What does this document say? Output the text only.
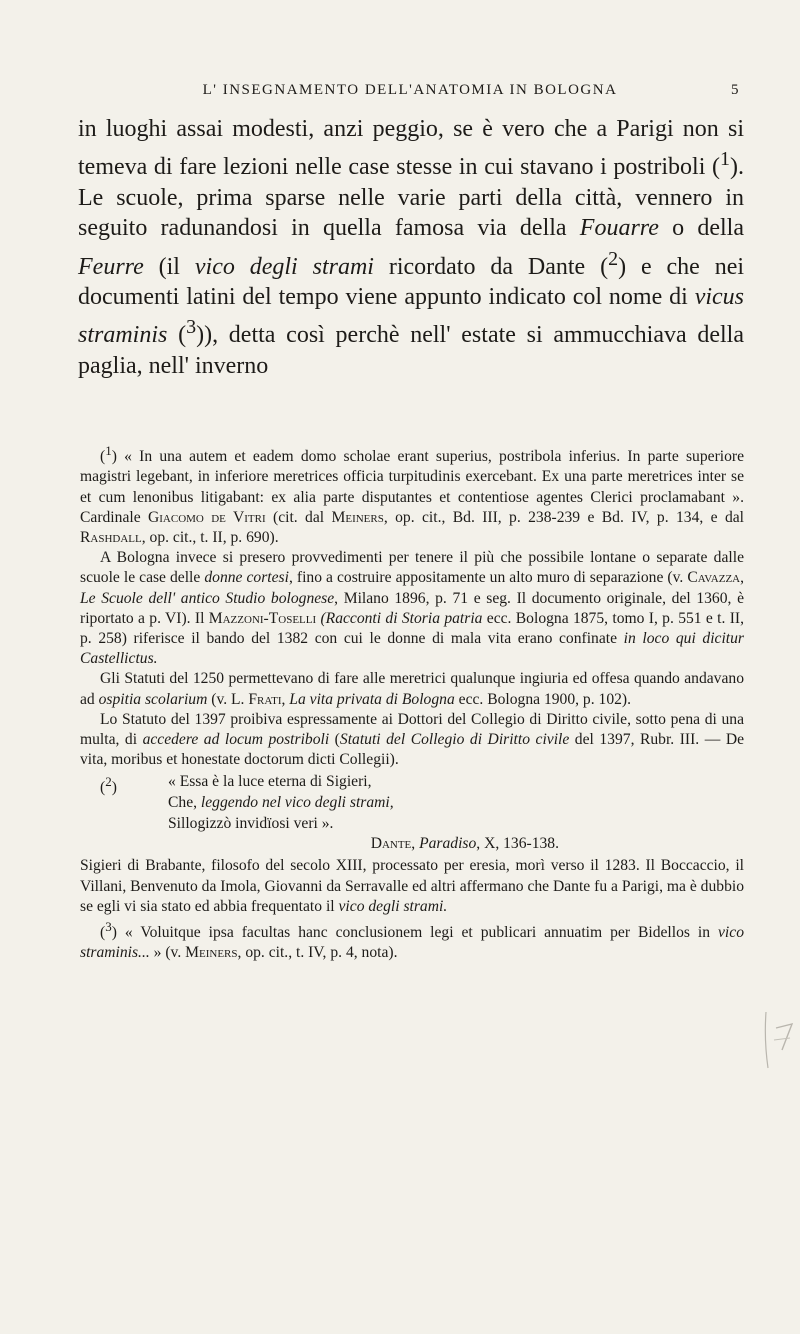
L' INSEGNAMENTO DELL'ANATOMIA IN BOLOGNA	5

in luoghi assai modesti, anzi peggio, se è vero che a Parigi non si temeva di fare lezioni nelle case stesse in cui stavano i postriboli ($^1$). Le scuole, prima sparse nelle varie parti della città, vennero in seguito radunandosi in quella famosa via della Fouarre o della Feurre (il vico degli strami ricordato da Dante ($^2$) e che nei documenti latini del tempo viene appunto indicato col nome di vicus straminis ($^3$)), detta così perchè nell' estate si ammucchiava della paglia, nell' inverno

($^1$) « In una autem et eadem domo scholae erant superius, postribola inferius. In parte superiore magistri legebant, in inferiore meretrices officia turpitudinis exercebant. Ex una parte meretrices inter se et cum lenonibus litigabant: ex alia parte disputantes et contentiose agentes Clerici proclamabant ». Cardinale Giacomo de Vitri (cit. dal Meiners, op. cit., Bd. III, p. 238-239 e Bd. IV, p. 134, e dal Rashdall, op. cit., t. II, p. 690).

A Bologna invece si presero provvedimenti per tenere il più che possibile lontane o separate dalle scuole le case delle donne cortesi, fino a costruire appositamente un alto muro di separazione (v. Cavazza, Le Scuole dell' antico Studio bolognese, Milano 1896, p. 71 e seg. Il documento originale, del 1360, è riportato a p. VI). Il Mazzoni-Toselli (Racconti di Storia patria ecc. Bologna 1875, tomo I, p. 551 e t. II, p. 258) riferisce il bando del 1382 con cui le donne di mala vita erano confinate in loco qui dicitur Castellictus.

Gli Statuti del 1250 permettevano di fare alle meretrici qualunque ingiuria ed offesa quando andavano ad ospitia scolarium (v. L. Frati, La vita privata di Bologna ecc. Bologna 1900, p. 102).

Lo Statuto del 1397 proibiva espressamente ai Dottori del Collegio di Diritto civile, sotto pena di una multa, di accedere ad locum postriboli (Statuti del Collegio di Diritto civile del 1397, Rubr. III. — De vita, moribus et honestate doctorum dicti Collegii).

($^2$)	« Essa è la luce eterna di Sigieri,
Che, leggendo nel vico degli strami,
Sillogizzò invidïosi veri ».
Dante, Paradiso, X, 136-138.

Sigieri di Brabante, filosofo del secolo XIII, processato per eresia, morì verso il 1283. Il Boccaccio, il Villani, Benvenuto da Imola, Giovanni da Serravalle ed altri affermano che Dante fu a Parigi, ma è dubbio se egli vi sia stato ed abbia frequentato il vico degli strami.

($^3$) « Voluitque ipsa facultas hanc conclusionem legi et publicari annuatim per Bidellos in vico straminis... » (v. Meiners, op. cit., t. IV, p. 4, nota).
